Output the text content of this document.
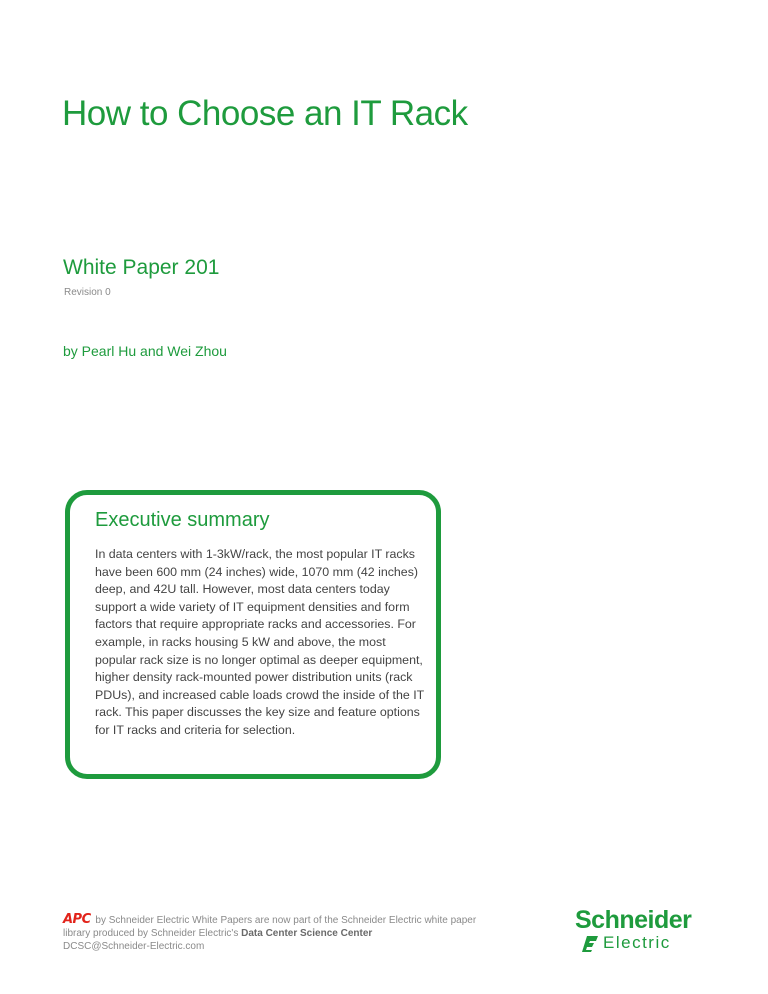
How to Choose an IT Rack
White Paper 201
Revision 0
by Pearl Hu and Wei Zhou
Executive summary
In data centers with 1-3kW/rack, the most popular IT racks have been 600 mm (24 inches) wide, 1070 mm (42 inches) deep, and 42U tall. However, most data centers today support a wide variety of IT equipment densities and form factors that require appropriate racks and accessories. For example, in racks housing 5 kW and above, the most popular rack size is no longer optimal as deeper equipment, higher density rack-mounted power distribution units (rack PDUs), and increased cable loads crowd the inside of the IT rack. This paper discusses the key size and feature options for IT racks and criteria for selection.
APC by Schneider Electric White Papers are now part of the Schneider Electric white paper library produced by Schneider Electric's Data Center Science Center
DCSC@Schneider-Electric.com
Schneider
Electric
